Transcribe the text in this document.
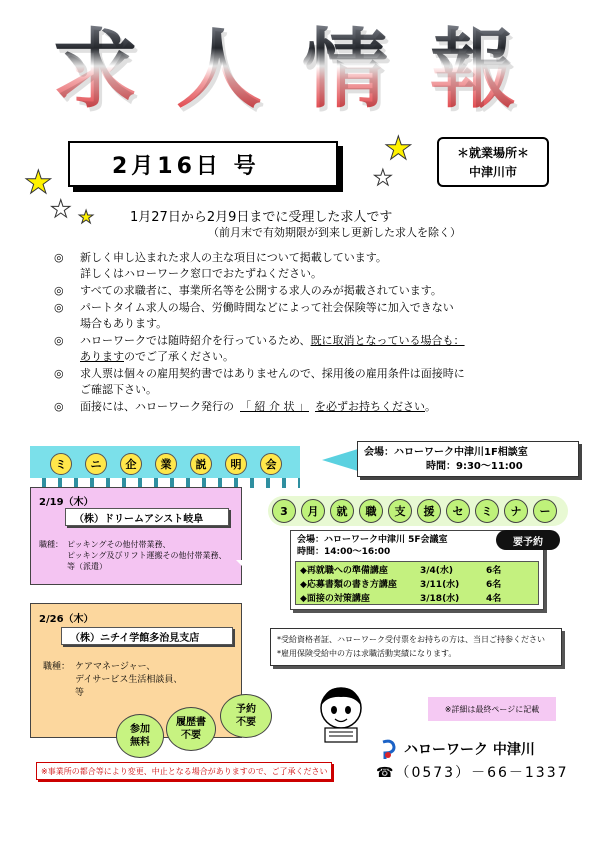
求 人 情 報
2月16日 号
＊就業場所＊
中津川市
★
★	★
★ ★	1月27日から2月9日までに受理した求人です
（前月末で有効期限が到来し更新した求人を除く）
◎	新しく申し込まれた求人の主な項目について掲載しています。
詳しくはハローワーク窓口でおたずねください。
◎	すべての求職者に、事業所名等を公開する求人のみが掲載されています。
◎	パートタイム求人の場合、労働時間などによって社会保険等に加入できない
場合もあります。
◎	ハローワークでは随時紹介を行っているため、既に取消となっている場合も：
ありますのでご了承ください。
◎	求人票は個々の雇用契約書ではありませんので、採用後の雇用条件は面接時に
ご確認下さい。
◎	面接には、ハローワーク発行の 「 紹 介 状 」 を必ずお持ちください。
ミ	ニ	企	業	説	明	会
会場：ハローワーク中津川1F相談室
時間：9:30～11:00
2/19（木）
（株）ドリームアシスト岐阜
職種： ピッキングその他付帯業務、
ピッキング及びリフト運搬その他付帯業務、
等（派遣）
2/26（木）
（株）ニチイ学館多治見支店
職種： ケアマネージャー、
デイサービス生活相談員、
等
3	月	就	職	支	援	セ	ミ	ナ	ー
会場：ハローワーク中津川 5F会議室
時間：14:00～16:00
◆再就職への準備講座	3/4(水)	6名
◆応募書類の書き方講座	3/11(水)	6名
◆面接の対策講座	3/18(水)	4名
要予約
*受給資格者証、ハローワーク受付票をお持ちの方は、当日ご持参ください
*雇用保険受給中の方は求職活動実績になります。
※詳細は最終ページに記載
参加
無料
履歴書
不要
予約
不要
※事業所の都合等により変更、中止となる場合がありますので、ご了承ください
ハローワーク 中津川
☎（0573）－66－1337
